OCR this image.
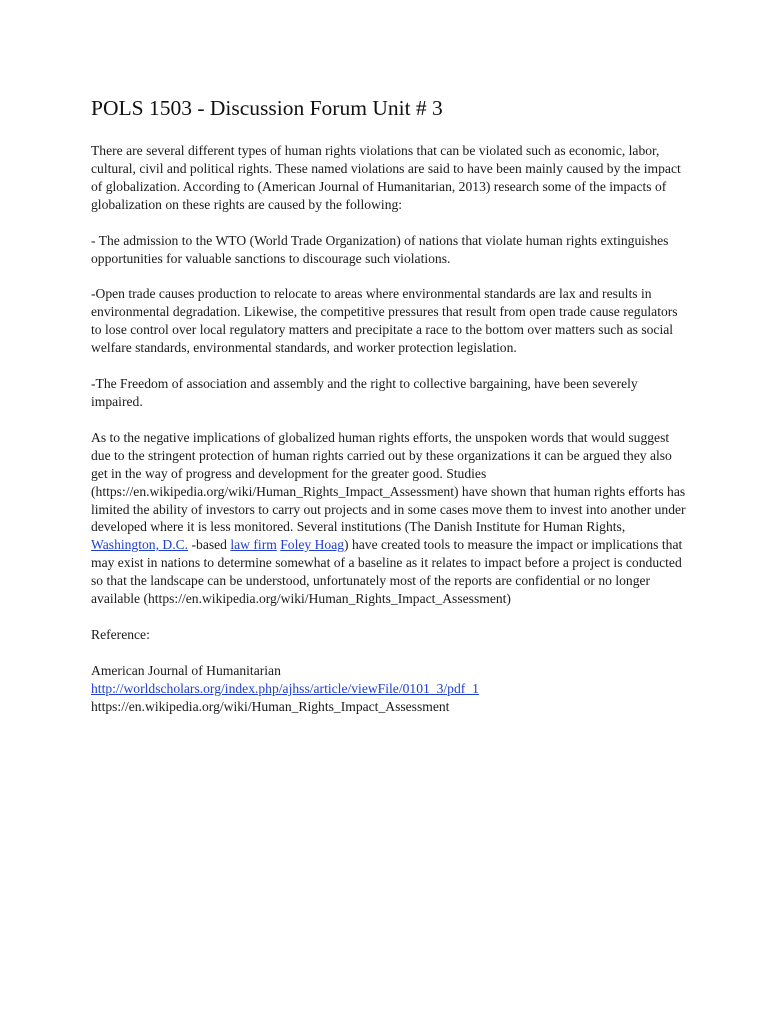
POLS 1503 - Discussion Forum Unit # 3

There are several different types of human rights violations that can be violated such as economic, labor, cultural, civil and political rights. These named violations are said to have been mainly caused by the impact of globalization. According to (American Journal of Humanitarian, 2013) research some of the impacts of globalization on these rights are caused by the following:

- The admission to the WTO (World Trade Organization) of nations that violate human rights extinguishes opportunities for valuable sanctions to discourage such violations.

-Open trade causes production to relocate to areas where environmental standards are lax and results in environmental degradation. Likewise, the competitive pressures that result from open trade cause regulators to lose control over local regulatory matters and precipitate a race to the bottom over matters such as social welfare standards, environmental standards, and worker protection legislation.

-The Freedom of association and assembly and the right to collective bargaining, have been severely impaired.

As to the negative implications of globalized human rights efforts, the unspoken words that would suggest due to the stringent protection of human rights carried out by these organizations it can be argued they also get in the way of progress and development for the greater good. Studies (https://en.wikipedia.org/wiki/Human_Rights_Impact_Assessment) have shown that human rights efforts has limited the ability of investors to carry out projects and in some cases move them to invest into another under developed where it is less monitored. Several institutions (The Danish Institute for Human Rights, Washington, D.C. -based law firm Foley Hoag) have created tools to measure the impact or implications that may exist in nations to determine somewhat of a baseline as it relates to impact before a project is conducted so that the landscape can be understood, unfortunately most of the reports are confidential or no longer available (https://en.wikipedia.org/wiki/Human_Rights_Impact_Assessment)

Reference:

American Journal of Humanitarian

http://worldscholars.org/index.php/ajhss/article/viewFile/0101_3/pdf_1

https://en.wikipedia.org/wiki/Human_Rights_Impact_Assessment
